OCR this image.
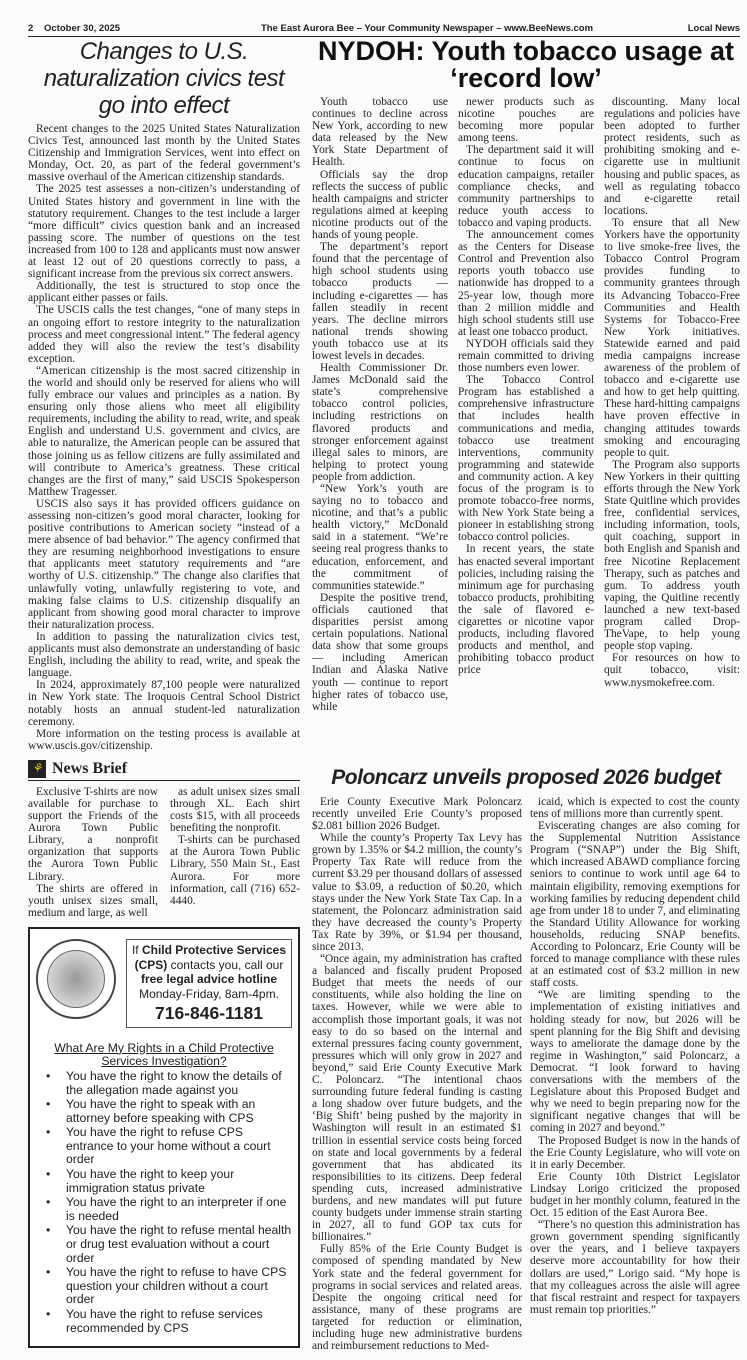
2	October 30, 2025	The East Aurora Bee – Your Community Newspaper – www.BeeNews.com	Local News
Changes to U.S. naturalization civics test go into effect

Recent changes to the 2025 United States Naturalization Civics Test, announced last month by the United States Citizenship and Immigration Services, went into effect on Monday, Oct. 20, as part of the federal government’s massive overhaul of the American citizenship standards.

The 2025 test assesses a non-citizen’s understanding of United States history and government in line with the statutory requirement. Changes to the test include a larger “more difficult” civics question bank and an increased passing score. The number of questions on the test increased from 100 to 128 and applicants must now answer at least 12 out of 20 questions correctly to pass, a significant increase from the previous six correct answers.

Additionally, the test is structured to stop once the applicant either passes or fails.

The USCIS calls the test changes, “one of many steps in an ongoing effort to restore integrity to the naturalization process and meet congressional intent.” The federal agency added they will also the review the test’s disability exception.

“American citizenship is the most sacred citizenship in the world and should only be reserved for aliens who will fully embrace our values and principles as a nation. By ensuring only those aliens who meet all eligibility requirements, including the ability to read, write, and speak English and understand U.S. government and civics, are able to naturalize, the American people can be assured that those joining us as fellow citizens are fully assimilated and will contribute to America’s greatness. These critical changes are the first of many,” said USCIS Spokesperson Matthew Tragesser.

USCIS also says it has provided officers guidance on assessing non-citizen’s good moral character, looking for positive contributions to American society “instead of a mere absence of bad behavior.” The agency confirmed that they are resuming neighborhood investigations to ensure that applicants meet statutory requirements and “are worthy of U.S. citizenship.” The change also clarifies that unlawfully voting, unlawfully registering to vote, and making false claims to U.S. citizenship disqualify an applicant from showing good moral character to improve their naturalization process.

In addition to passing the naturalization civics test, applicants must also demonstrate an understanding of basic English, including the ability to read, write, and speak the language.

In 2024, approximately 87,100 people were naturalized in New York state. The Iroquois Central School District notably hosts an annual student-led naturalization ceremony.

More information on the testing process is available at www.uscis.gov/citizenship.

NYDOH: Youth tobacco usage at ‘record low’

Youth tobacco use continues to decline across New York, according to new data released by the New York State Department of Health.

Officials say the drop reflects the success of public health campaigns and stricter regulations aimed at keeping nicotine products out of the hands of young people.

The department’s report found that the percentage of high school students using tobacco products — including e-cigarettes — has fallen steadily in recent years. The decline mirrors national trends showing youth tobacco use at its lowest levels in decades.

Health Commissioner Dr. James McDonald said the state’s comprehensive tobacco control policies, including restrictions on flavored products and stronger enforcement against illegal sales to minors, are helping to protect young people from addiction.

“New York’s youth are saying no to tobacco and nicotine, and that’s a public health victory,” McDonald said in a statement. “We’re seeing real progress thanks to education, enforcement, and the commitment of communities statewide.”

Despite the positive trend, officials cautioned that disparities persist among certain populations. National data show that some groups — including American Indian and Alaska Native youth — continue to report higher rates of tobacco use, while

newer products such as nicotine pouches are becoming more popular among teens.

The department said it will continue to focus on education campaigns, retailer compliance checks, and community partnerships to reduce youth access to tobacco and vaping products.

The announcement comes as the Centers for Disease Control and Prevention also reports youth tobacco use nationwide has dropped to a 25-year low, though more than 2 million middle and high school students still use at least one tobacco product.

NYDOH officials said they remain committed to driving those numbers even lower.

The Tobacco Control Program has established a comprehensive infrastructure that includes health communications and media, tobacco use treatment interventions, community programming and statewide and community action. A key focus of the program is to promote tobacco-free norms, with New York State being a pioneer in establishing strong tobacco control policies.

In recent years, the state has enacted several important policies, including raising the minimum age for purchasing tobacco products, prohibiting the sale of flavored e-cigarettes or nicotine vapor products, including flavored products and menthol, and prohibiting tobacco product price

discounting. Many local regulations and policies have been adopted to further protect residents, such as prohibiting smoking and e-cigarette use in multiunit housing and public spaces, as well as regulating tobacco and e-cigarette retail locations.

To ensure that all New Yorkers have the opportunity to live smoke-free lives, the Tobacco Control Program provides funding to community grantees through its Advancing Tobacco-Free Communities and Health Systems for Tobacco-Free New York initiatives. Statewide earned and paid media campaigns increase awareness of the problem of tobacco and e-cigarette use and how to get help quitting. These hard-hitting campaigns have proven effective in changing attitudes towards smoking and encouraging people to quit.

The Program also supports New Yorkers in their quitting efforts through the New York State Quitline which provides free, confidential services, including information, tools, quit coaching, support in both English and Spanish and free Nicotine Replacement Therapy, such as patches and gum. To address youth vaping, the Quitline recently launched a new text-based program called Drop-TheVape, to help young people stop vaping.

For resources on how to quit tobacco, visit: www.nysmokefree.com.

⚘ News Brief

Exclusive T-shirts are now available for purchase to support the Friends of the Aurora Town Public Library, a nonprofit organization that supports the Aurora Town Public Library.

The shirts are offered in youth unisex sizes small, medium and large, as well

as adult unisex sizes small through XL. Each shirt costs $15, with all proceeds benefiting the nonprofit.

T-shirts can be purchased at the Aurora Town Public Library, 550 Main St., East Aurora. For more information, call (716) 652-4440.

If Child Protective Services
(CPS) contacts you, call our
free legal advice hotline
Monday-Friday, 8am-4pm.
716-846-1181
What Are My Rights in a Child Protective Services Investigation?
• You have the right to know the details of the allegation made against you
• You have the right to speak with an attorney before speaking with CPS
• You have the right to refuse CPS entrance to your home without a court order
• You have the right to keep your immigration status private
• You have the right to an interpreter if one is needed
• You have the right to refuse mental health or drug test evaluation without a court order
• You have the right to refuse to have CPS question your children without a court order
• You have the right to refuse services recommended by CPS
Poloncarz unveils proposed 2026 budget

Erie County Executive Mark Poloncarz recently unveiled Erie County’s proposed $2.081 billion 2026 Budget.

While the county’s Property Tax Levy has grown by 1.35% or $4.2 million, the county’s Property Tax Rate will reduce from the current $3.29 per thousand dollars of assessed value to $3.09, a reduction of $0.20, which stays under the New York State Tax Cap. In a statement, the Poloncarz administration said they have decreased the county’s Property Tax Rate by 39%, or $1.94 per thousand, since 2013.

“Once again, my administration has crafted a balanced and fiscally prudent Proposed Budget that meets the needs of our constituents, while also holding the line on taxes. However, while we were able to accomplish those important goals, it was not easy to do so based on the internal and external pressures facing county government, pressures which will only grow in 2027 and beyond,” said Erie County Executive Mark C. Poloncarz. “The intentional chaos surrounding future federal funding is casting a long shadow over future budgets, and the ‘Big Shift’ being pushed by the majority in Washington will result in an estimated $1 trillion in essential service costs being forced on state and local governments by a federal government that has abdicated its responsibilities to its citizens. Deep federal spending cuts, increased administrative burdens, and new mandates will put future county budgets under immense strain starting in 2027, all to fund GOP tax cuts for billionaires.”

Fully 85% of the Erie County Budget is composed of spending mandated by New York state and the federal government for programs in social services and related areas. Despite the ongoing critical need for assistance, many of these programs are targeted for reduction or elimination, including huge new administrative burdens and reimbursement reductions to Med-

icaid, which is expected to cost the county tens of millions more than currently spent.

Eviscerating changes are also coming for the Supplemental Nutrition Assistance Program (“SNAP”) under the Big Shift, which increased ABAWD compliance forcing seniors to continue to work until age 64 to maintain eligibility, removing exemptions for working families by reducing dependent child age from under 18 to under 7, and eliminating the Standard Utility Allowance for working households, reducing SNAP benefits. According to Poloncarz, Erie County will be forced to manage compliance with these rules at an estimated cost of $3.2 million in new staff costs.

“We are limiting spending to the implementation of existing initiatives and holding steady for now, but 2026 will be spent planning for the Big Shift and devising ways to ameliorate the damage done by the regime in Washington,” said Poloncarz, a Democrat. “I look forward to having conversations with the members of the Legislature about this Proposed Budget and why we need to begin preparing now for the significant negative changes that will be coming in 2027 and beyond.”

The Proposed Budget is now in the hands of the Erie County Legislature, who will vote on it in early December.

Erie County 10th District Legislator Lindsay Lorigo criticized the proposed budget in her monthly column, featured in the Oct. 15 edition of the East Aurora Bee.

“There’s no question this administration has grown government spending significantly over the years, and I believe taxpayers deserve more accountability for how their dollars are used,” Lorigo said. “My hope is that my colleagues across the aisle will agree that fiscal restraint and respect for taxpayers must remain top priorities.”
